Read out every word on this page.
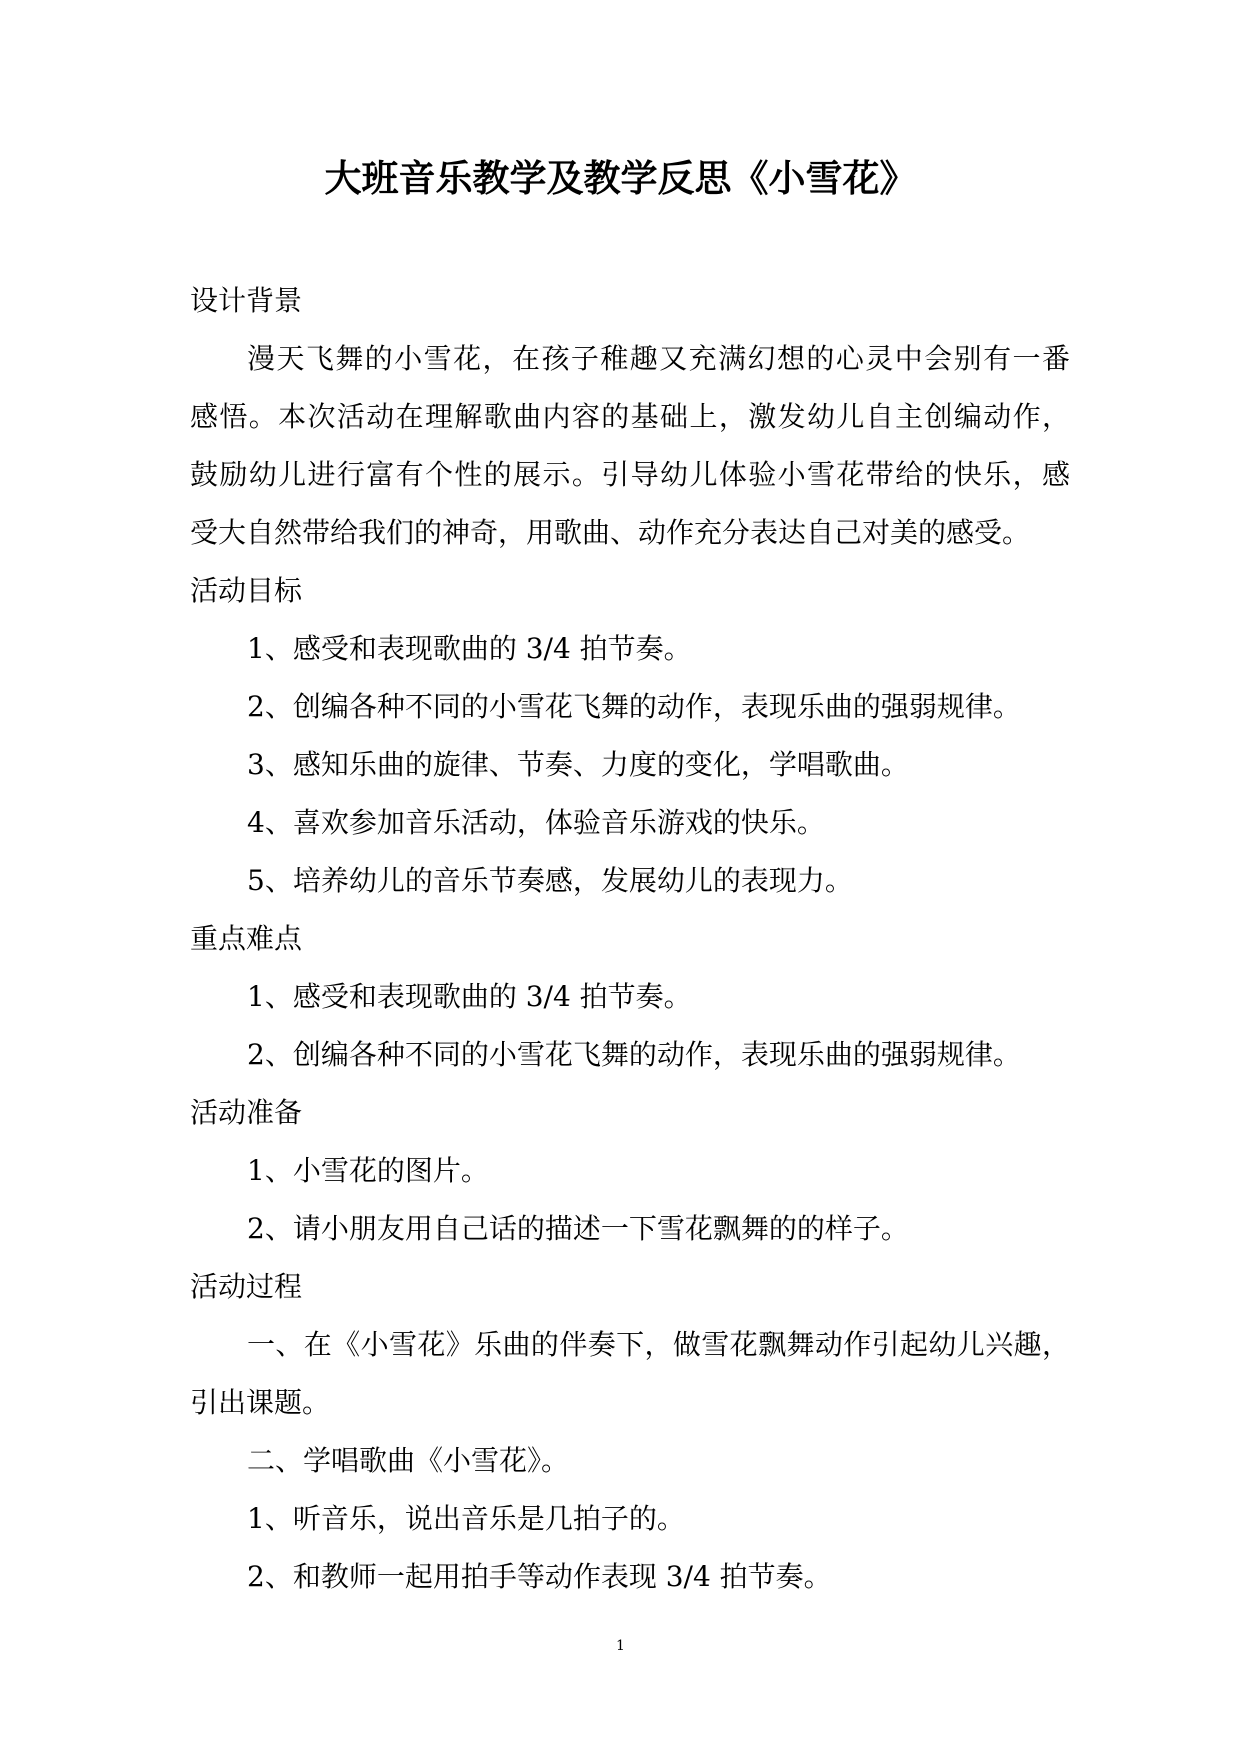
大班音乐教学及教学反思《小雪花》
设计背景
漫天飞舞的小雪花，在孩子稚趣又充满幻想的心灵中会别有一番
感悟。本次活动在理解歌曲内容的基础上，激发幼儿自主创编动作，
鼓励幼儿进行富有个性的展示。引导幼儿体验小雪花带给的快乐，感
受大自然带给我们的神奇，用歌曲、动作充分表达自己对美的感受。
活动目标
1、感受和表现歌曲的 3/4 拍节奏。
2、创编各种不同的小雪花飞舞的动作，表现乐曲的强弱规律。
3、感知乐曲的旋律、节奏、力度的变化，学唱歌曲。
4、喜欢参加音乐活动，体验音乐游戏的快乐。
5、培养幼儿的音乐节奏感，发展幼儿的表现力。
重点难点
1、感受和表现歌曲的 3/4 拍节奏。
2、创编各种不同的小雪花飞舞的动作，表现乐曲的强弱规律。
活动准备
1、小雪花的图片。
2、请小朋友用自己话的描述一下雪花飘舞的的样子。
活动过程
一、在《小雪花》乐曲的伴奏下，做雪花飘舞动作引起幼儿兴趣，
引出课题。
二、学唱歌曲《小雪花》。
1、听音乐，说出音乐是几拍子的。
2、和教师一起用拍手等动作表现 3/4 拍节奏。
1
